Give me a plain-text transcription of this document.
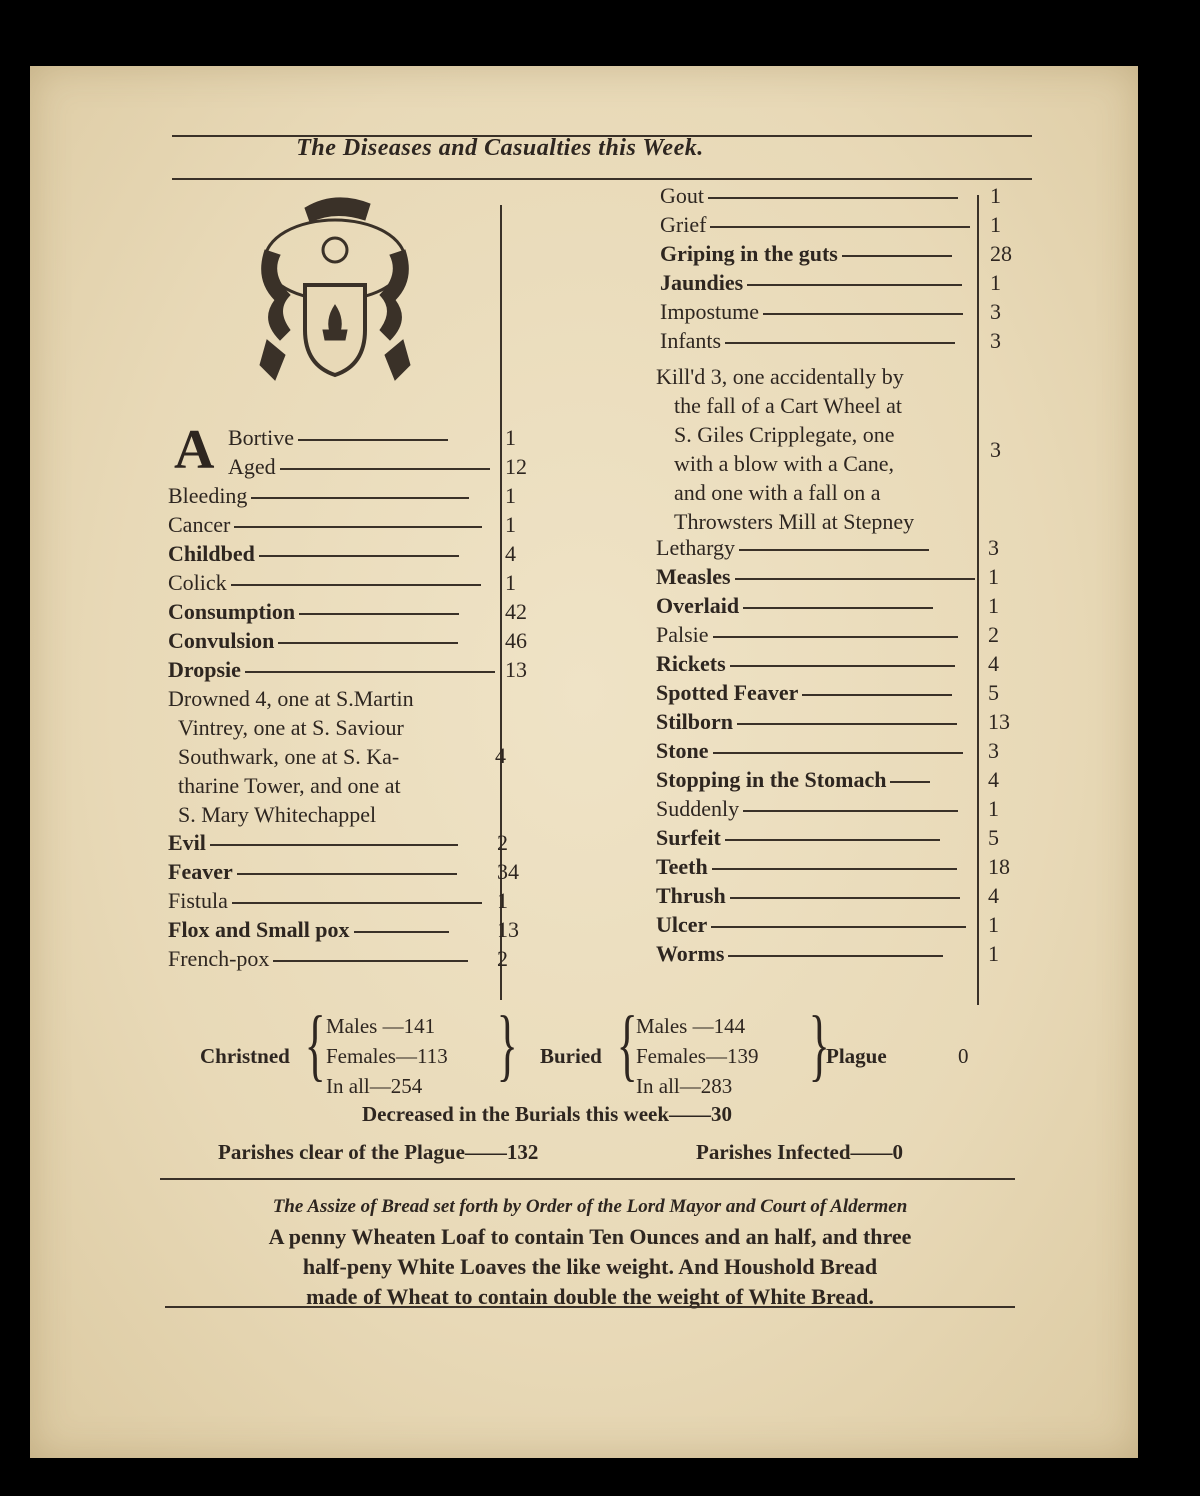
The Diseases and Casualties this Week.
A Bortive	1
Aged	12
Bleeding	1
Cancer	1
Childbed	4
Colick	1
Consumption	42
Convulsion	46
Dropsie	13
Evil	2
Feaver	34
Fistula	1
Flox and Small pox	13
French-pox	2
Drowned 4, one at S.Martin
Vintrey, one at S. Saviour
Southwark, one at S. Ka-
tharine Tower, and one at
S. Mary Whitechappel
4
Gout	1
Grief	1
Griping in the guts	28
Jaundies	1
Impostume	3
Infants	3
Lethargy	3
Measles	1
Overlaid	1
Palsie	2
Rickets	4
Spotted Feaver	5
Stilborn	13
Stone	3
Stopping in the Stomach	4
Suddenly	1
Surfeit	5
Teeth	18
Thrush	4
Ulcer	1
Worms	1
Kill'd 3, one accidentally by
the fall of a Cart Wheel at
S. Giles Cripplegate, one
with a blow with a Cane,
and one with a fall on a
Throwsters Mill at Stepney
3
Christned { Males —141
Females—113
In all—254 } Buried {
Males —144
Females—139
In all—283 }
Plague	0
Decreased in the Burials this week——30
Parishes clear of the Plague——132	Parishes Infected——0
The Assize of Bread set forth by Order of the Lord Mayor and Court of Aldermen
A penny Wheaten Loaf to contain Ten Ounces and an half, and three
half-peny White Loaves the like weight. And Houshold Bread
made of Wheat to contain double the weight of White Bread.
